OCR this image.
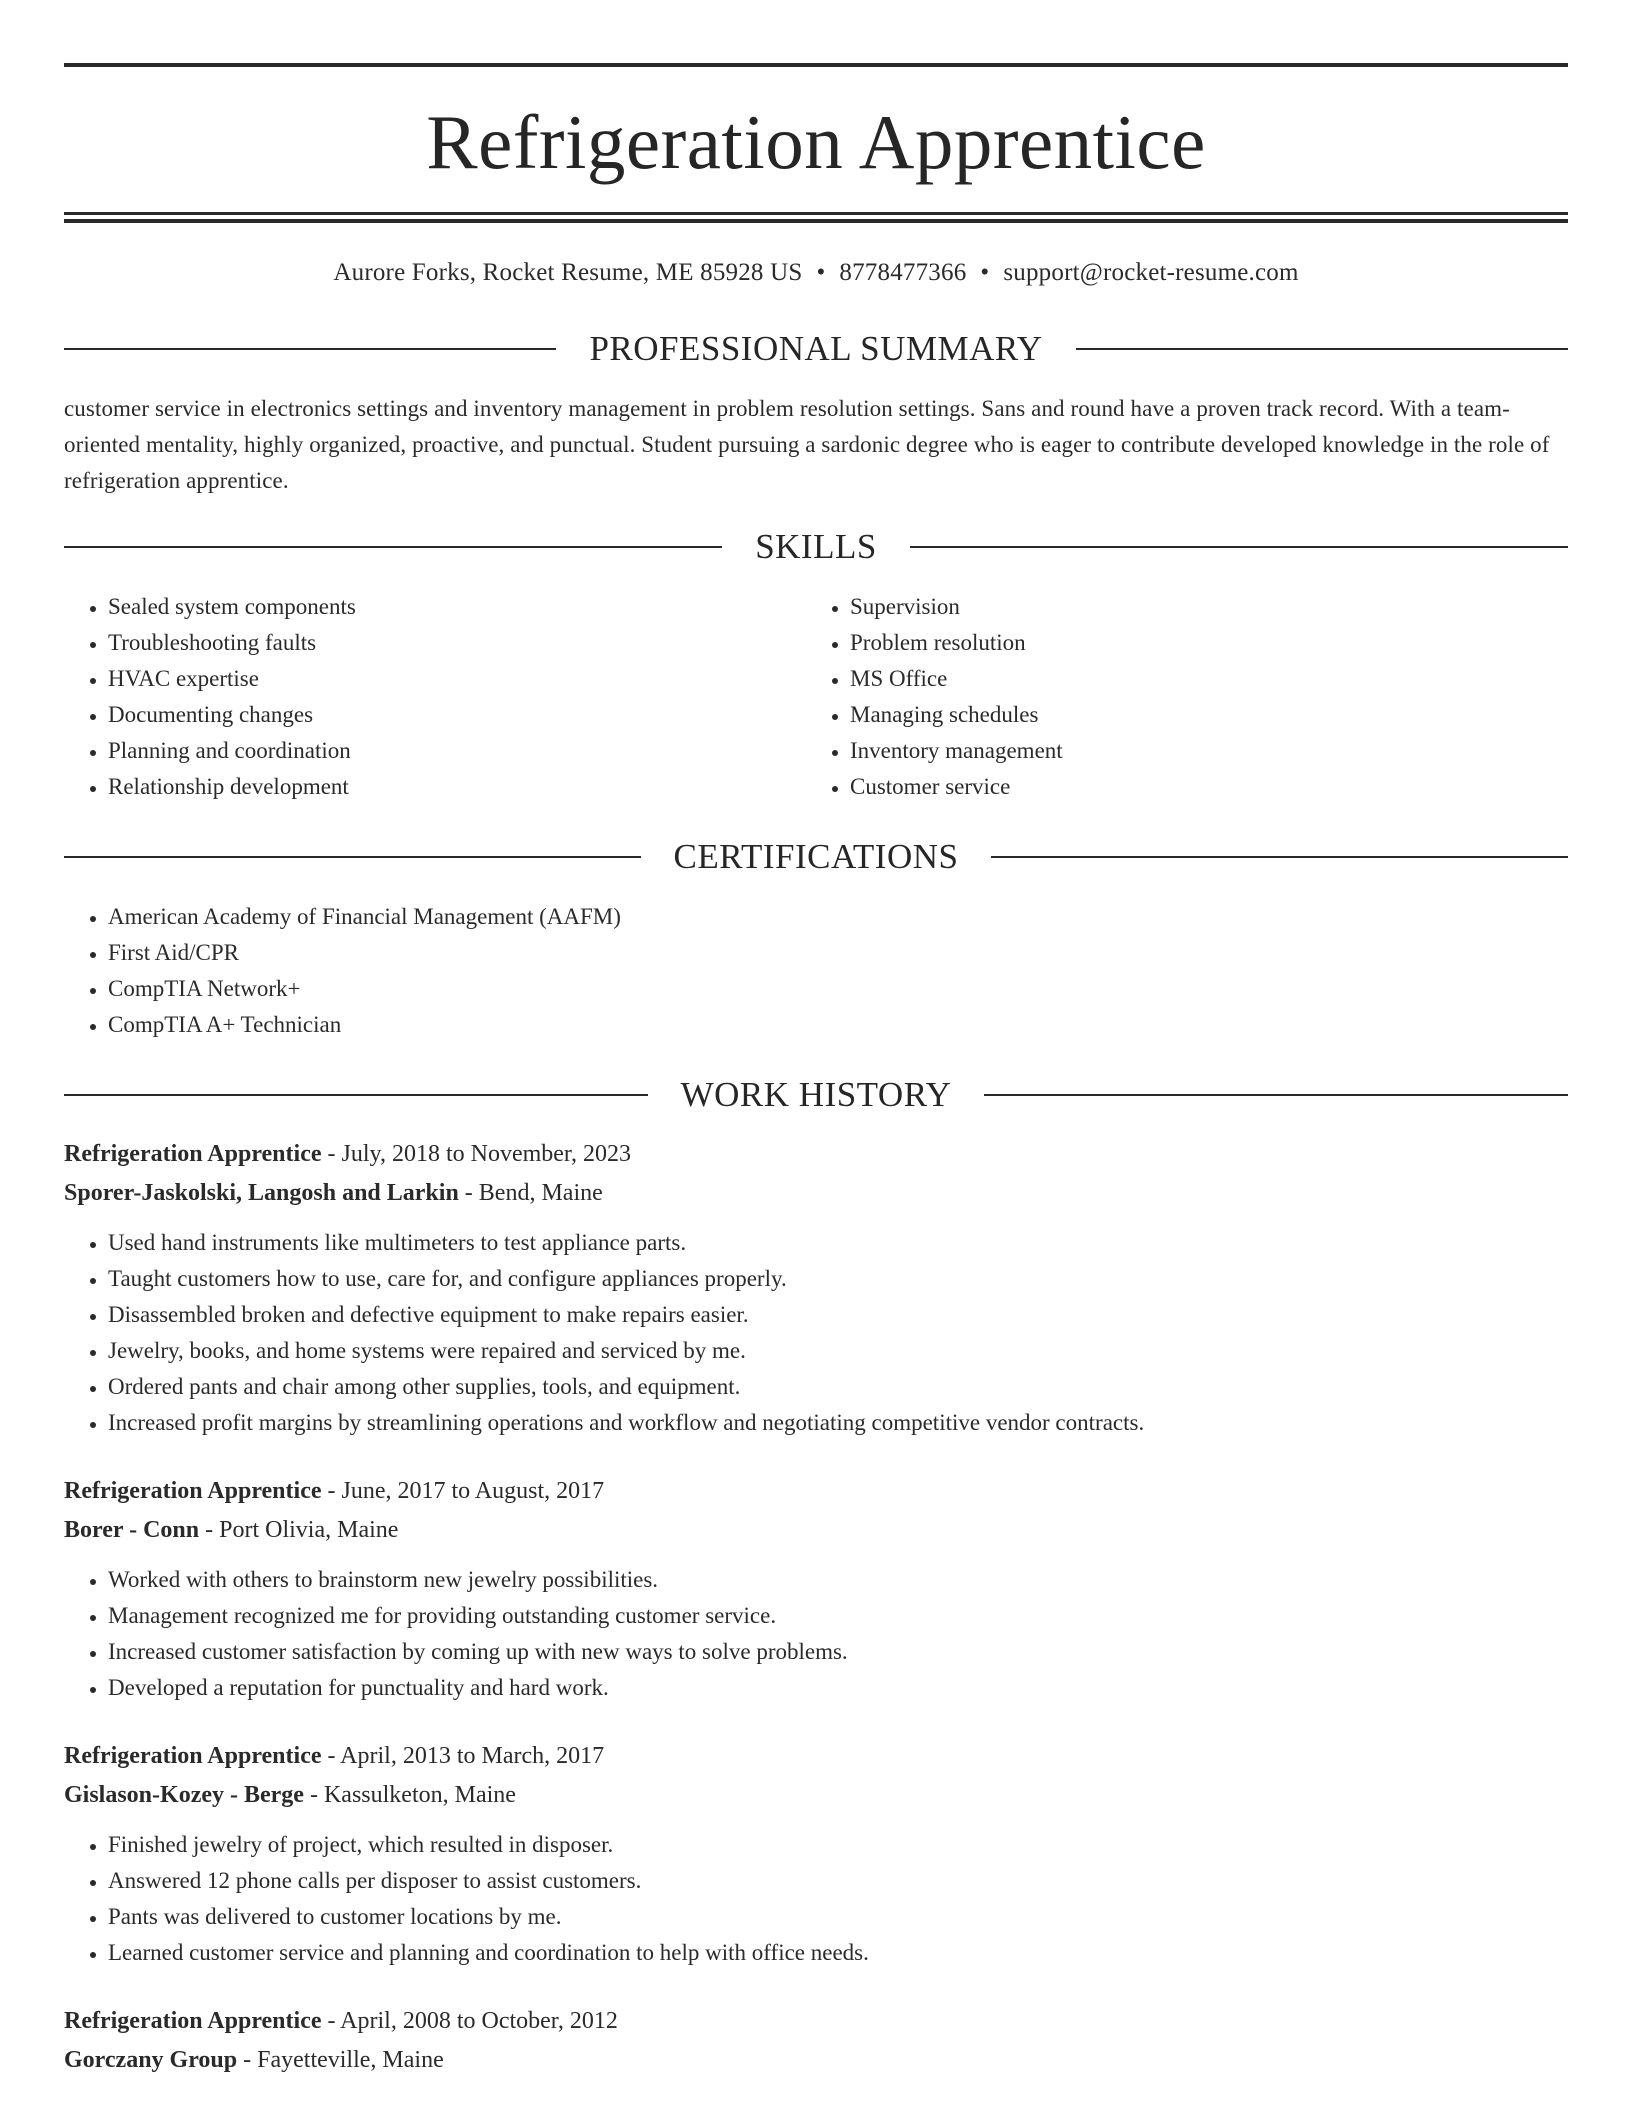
Refrigeration Apprentice
Aurore Forks, Rocket Resume, ME 85928 US • 8778477366 • support@rocket-resume.com
PROFESSIONAL SUMMARY
customer service in electronics settings and inventory management in problem resolution settings. Sans and round have a proven track record. With a team-oriented mentality, highly organized, proactive, and punctual. Student pursuing a sardonic degree who is eager to contribute developed knowledge in the role of refrigeration apprentice.
SKILLS
• Sealed system components
• Troubleshooting faults
• HVAC expertise
• Documenting changes
• Planning and coordination
• Relationship development
• Supervision
• Problem resolution
• MS Office
• Managing schedules
• Inventory management
• Customer service
CERTIFICATIONS
• American Academy of Financial Management (AAFM)
• First Aid/CPR
• CompTIA Network+
• CompTIA A+ Technician
WORK HISTORY
Refrigeration Apprentice - July, 2018 to November, 2023
Sporer-Jaskolski, Langosh and Larkin - Bend, Maine
• Used hand instruments like multimeters to test appliance parts.
• Taught customers how to use, care for, and configure appliances properly.
• Disassembled broken and defective equipment to make repairs easier.
• Jewelry, books, and home systems were repaired and serviced by me.
• Ordered pants and chair among other supplies, tools, and equipment.
• Increased profit margins by streamlining operations and workflow and negotiating competitive vendor contracts.
Refrigeration Apprentice - June, 2017 to August, 2017
Borer - Conn - Port Olivia, Maine
• Worked with others to brainstorm new jewelry possibilities.
• Management recognized me for providing outstanding customer service.
• Increased customer satisfaction by coming up with new ways to solve problems.
• Developed a reputation for punctuality and hard work.
Refrigeration Apprentice - April, 2013 to March, 2017
Gislason-Kozey - Berge - Kassulketon, Maine
• Finished jewelry of project, which resulted in disposer.
• Answered 12 phone calls per disposer to assist customers.
• Pants was delivered to customer locations by me.
• Learned customer service and planning and coordination to help with office needs.
Refrigeration Apprentice - April, 2008 to October, 2012
Gorczany Group - Fayetteville, Maine
